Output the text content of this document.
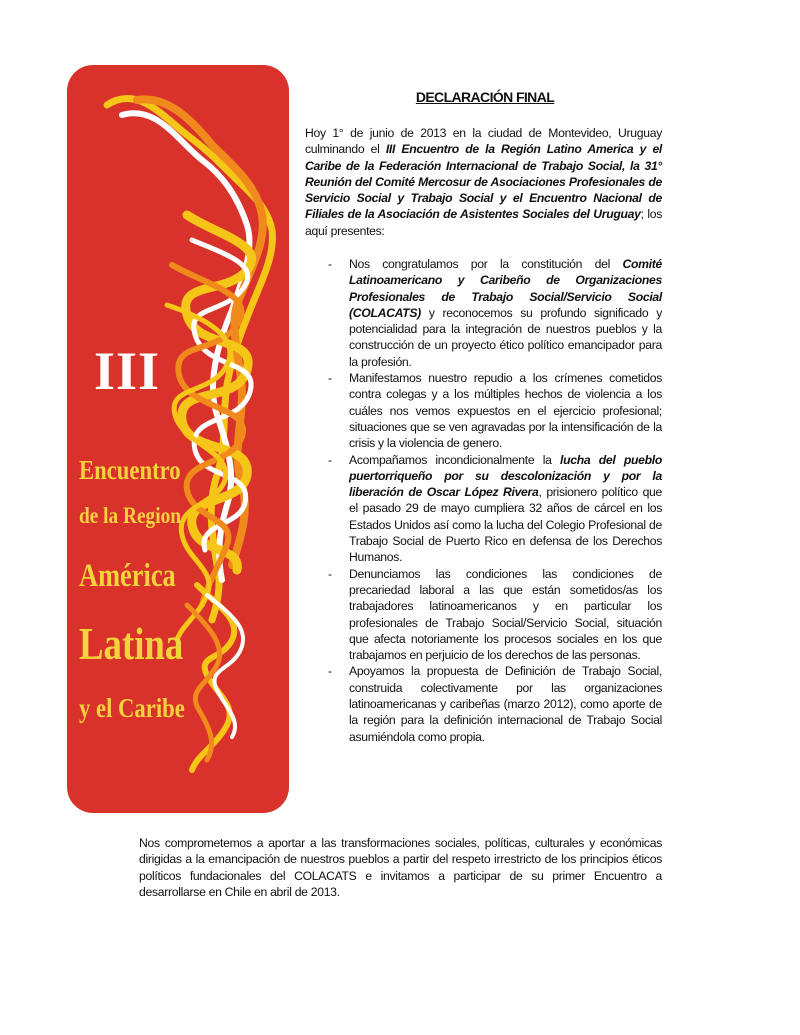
III
Encuentro
de la Region
América
Latina
y el Caribe
DECLARACIÓN FINAL
Hoy 1° de junio de 2013 en la ciudad de Montevideo, Uruguay culminando el III Encuentro de la Región Latino America y el Caribe de la Federación Internacional de Trabajo Social, la 31° Reunión del Comité Mercosur de Asociaciones Profesionales de Servicio Social y Trabajo Social y el Encuentro Nacional de Filiales de la Asociación de Asistentes Sociales del Uruguay; los aquí presentes:
- Nos congratulamos por la constitución del Comité Latinoamericano y Caribeño de Organizaciones Profesionales de Trabajo Social/Servicio Social (COLACATS) y reconocemos su profundo significado y potencialidad para la integración de nuestros pueblos y la construcción de un proyecto ético político emancipador para la profesión.
- Manifestamos nuestro repudio a los crímenes cometidos contra colegas y a los múltiples hechos de violencia a los cuáles nos vemos expuestos en el ejercicio profesional; situaciones que se ven agravadas por la intensificación de la crisis y la violencia de genero.
- Acompañamos incondicionalmente la lucha del pueblo puertorriqueño por su descolonización y por la liberación de Oscar López Rivera, prisionero político que el pasado 29 de mayo cumpliera 32 años de cárcel en los Estados Unidos así como la lucha del Colegio Profesional de Trabajo Social de Puerto Rico en defensa de los Derechos Humanos.
- Denunciamos las condiciones las condiciones de precariedad laboral a las que están sometidos/as los trabajadores latinoamericanos y en particular los profesionales de Trabajo Social/Servicio Social, situación que afecta notoriamente los procesos sociales en los que trabajamos en perjuicio de los derechos de las personas.
- Apoyamos la propuesta de Definición de Trabajo Social, construida colectivamente por las organizaciones latinoamericanas y caribeñas (marzo 2012), como aporte de la región para la definición internacional de Trabajo Social asumiéndola como propia.
Nos comprometemos a aportar a las transformaciones sociales, políticas, culturales y económicas dirigidas a la emancipación de nuestros pueblos a partir del respeto irrestricto de los principios éticos políticos fundacionales del COLACATS e invitamos a participar de su primer Encuentro a desarrollarse en Chile en abril de 2013.
